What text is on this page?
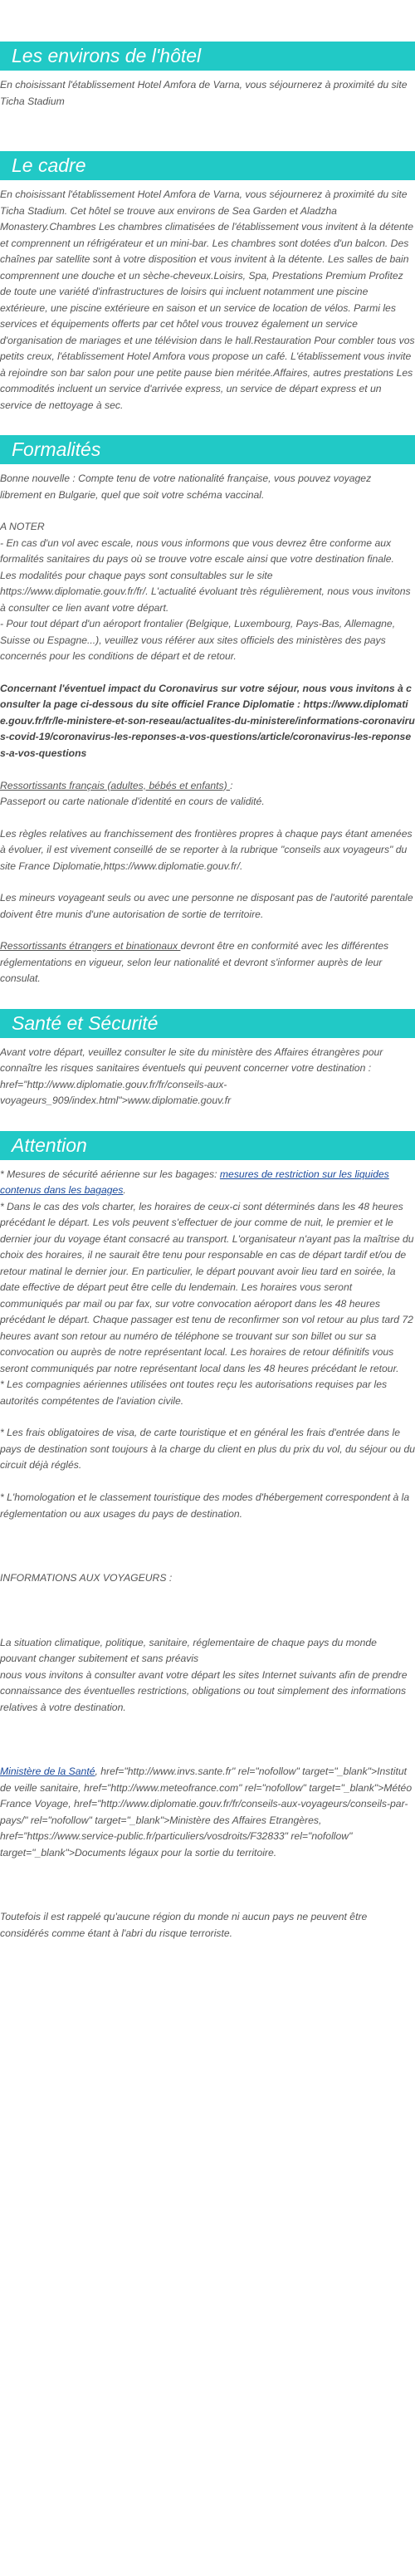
Les environs de l'hôtel

En choisissant l'établissement Hotel Amfora de Varna, vous séjournerez à proximité du site Ticha Stadium

Le cadre

En choisissant l'établissement Hotel Amfora de Varna, vous séjournerez à proximité du site Ticha Stadium. Cet hôtel se trouve aux environs de Sea Garden et Aladzha Monastery.Chambres Les chambres climatisées de l'établissement vous invitent à la détente et comprennent un réfrigérateur et un mini-bar. Les chambres sont dotées d'un balcon. Des chaînes par satellite sont à votre disposition et vous invitent à la détente. Les salles de bain comprennent une douche et un sèche-cheveux.Loisirs, Spa, Prestations Premium Profitez de toute une variété d'infrastructures de loisirs qui incluent notamment une piscine extérieure, une piscine extérieure en saison et un service de location de vélos. Parmi les services et équipements offerts par cet hôtel vous trouvez également un service d'organisation de mariages et une télévision dans le hall.Restauration Pour combler tous vos petits creux, l'établissement Hotel Amfora vous propose un café. L'établissement vous invite à rejoindre son bar salon pour une petite pause bien méritée.Affaires, autres prestations Les commodités incluent un service d'arrivée express, un service de départ express et un service de nettoyage à sec.

Formalités

Bonne nouvelle : Compte tenu de votre nationalité française, vous pouvez voyagez librement en Bulgarie, quel que soit votre schéma vaccinal.

A NOTER

- En cas d'un vol avec escale, nous vous informons que vous devrez être conforme aux formalités sanitaires du pays où se trouve votre escale ainsi que votre destination finale.

Les modalités pour chaque pays sont consultables sur le site https://www.diplomatie.gouv.fr/fr/. L'actualité évoluant très régulièrement, nous vous invitons à consulter ce lien avant votre départ.

- Pour tout départ d'un aéroport frontalier (Belgique, Luxembourg, Pays-Bas, Allemagne, Suisse ou Espagne...), veuillez vous référer aux sites officiels des ministères des pays concernés pour les conditions de départ et de retour.

Concernant l'éventuel impact du Coronavirus sur votre séjour, nous vous invitons à consulter la page ci-dessous du site officiel France Diplomatie : https://www.diplomatie.gouv.fr/fr/le-ministere-et-son-reseau/actualites-du-ministere/informations-coronavirus-covid-19/coronavirus-les-reponses-a-vos-questions/article/coronavirus-les-reponses-a-vos-questions

Ressortissants français (adultes, bébés et enfants) :

Passeport ou carte nationale d'identité en cours de validité.

Les règles relatives au franchissement des frontières propres à chaque pays étant amenées à évoluer, il est vivement conseillé de se reporter à la rubrique "conseils aux voyageurs" du site France Diplomatie,https://www.diplomatie.gouv.fr/.

Les mineurs voyageant seuls ou avec une personne ne disposant pas de l'autorité parentale doivent être munis d'une autorisation de sortie de territoire.

Ressortissants étrangers et binationaux devront être en conformité avec les différentes réglementations en vigueur, selon leur nationalité et devront s'informer auprès de leur consulat.

Santé et Sécurité

Avant votre départ, veuillez consulter le site du ministère des Affaires étrangères pour connaître les risques sanitaires éventuels qui peuvent concerner votre destination : href="http://www.diplomatie.gouv.fr/fr/conseils-aux-voyageurs_909/index.html">www.diplomatie.gouv.fr

Attention

* Mesures de sécurité aérienne sur les bagages: mesures de restriction sur les liquides contenus dans les bagages.

* Dans le cas des vols charter, les horaires de ceux-ci sont déterminés dans les 48 heures précédant le départ. Les vols peuvent s'effectuer de jour comme de nuit, le premier et le dernier jour du voyage étant consacré au transport. L'organisateur n'ayant pas la maîtrise du choix des horaires, il ne saurait être tenu pour responsable en cas de départ tardif et/ou de retour matinal le dernier jour. En particulier, le départ pouvant avoir lieu tard en soirée, la date effective de départ peut être celle du lendemain. Les horaires vous seront communiqués par mail ou par fax, sur votre convocation aéroport dans les 48 heures précédant le départ. Chaque passager est tenu de reconfirmer son vol retour au plus tard 72 heures avant son retour au numéro de téléphone se trouvant sur son billet ou sur sa convocation ou auprès de notre représentant local. Les horaires de retour définitifs vous seront communiqués par notre représentant local dans les 48 heures précédant le retour.

* Les compagnies aériennes utilisées ont toutes reçu les autorisations requises par les autorités compétentes de l'aviation civile.

* Les frais obligatoires de visa, de carte touristique et en général les frais d'entrée dans le pays de destination sont toujours à la charge du client en plus du prix du vol, du séjour ou du circuit déjà réglés.

* L'homologation et le classement touristique des modes d'hébergement correspondent à la réglementation ou aux usages du pays de destination.

INFORMATIONS AUX VOYAGEURS :

La situation climatique, politique, sanitaire, réglementaire de chaque pays du monde pouvant changer subitement et sans préavis
nous vous invitons à consulter avant votre départ les sites Internet suivants afin de prendre connaissance des éventuelles restrictions, obligations ou tout simplement des informations relatives à votre destination.

Ministère de la Santé, href="http://www.invs.sante.fr" rel="nofollow" target="_blank">Institut de veille sanitaire, href="http://www.meteofrance.com" rel="nofollow" target="_blank">Météo France Voyage, href="http://www.diplomatie.gouv.fr/fr/conseils-aux-voyageurs/conseils-par-pays/" rel="nofollow" target="_blank">Ministère des Affaires Etrangères, href="https://www.service-public.fr/particuliers/vosdroits/F32833" rel="nofollow" target="_blank">Documents légaux pour la sortie du territoire.

Toutefois il est rappelé qu'aucune région du monde ni aucun pays ne peuvent être considérés comme étant à l'abri du risque terroriste.
